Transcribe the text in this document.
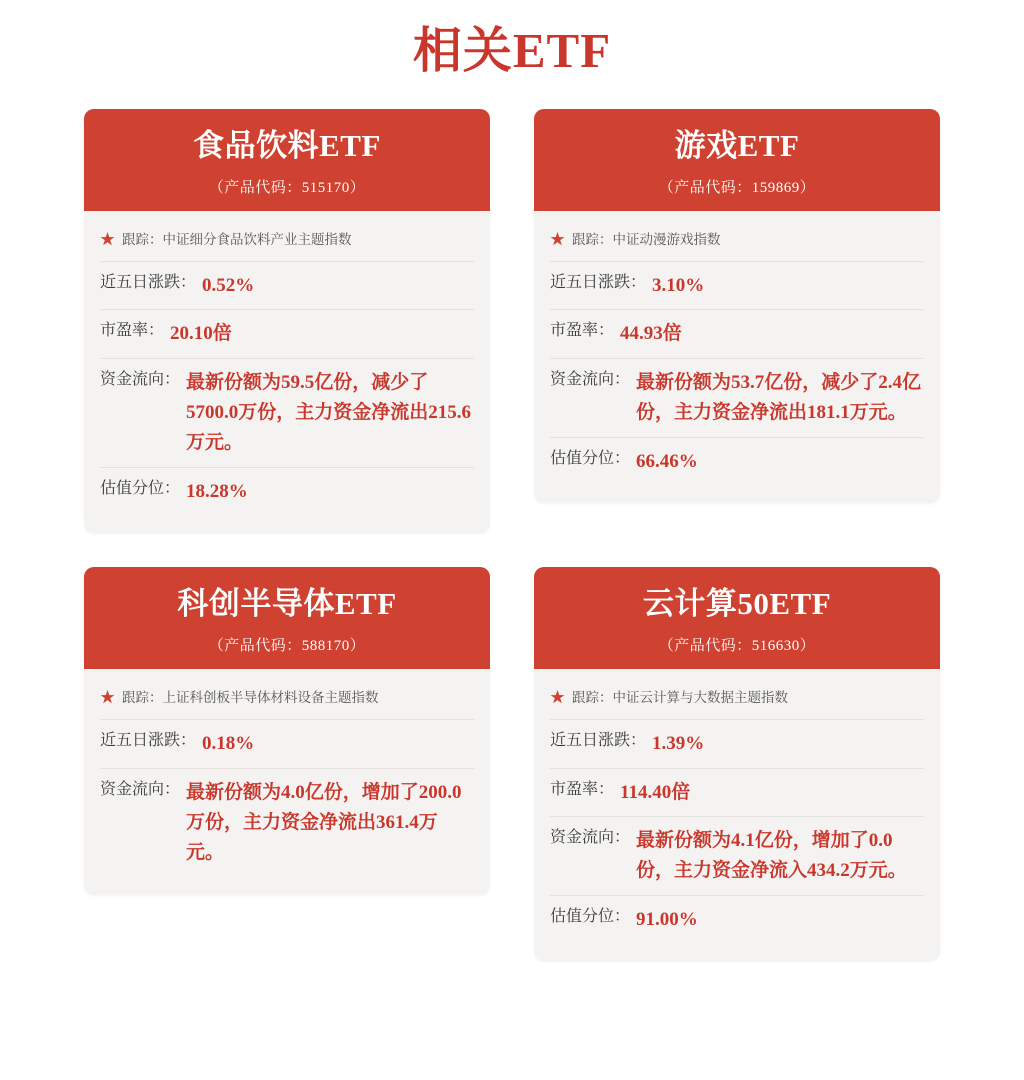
相关ETF
食品饮料ETF
（产品代码：515170）
★ 跟踪：中证细分食品饮料产业主题指数
近五日涨跌： 0.52%
市盈率： 20.10倍
资金流向： 最新份额为59.5亿份，减少了5700.0万份，主力资金净流出215.6万元。
估值分位： 18.28%
游戏ETF
（产品代码：159869）
★ 跟踪：中证动漫游戏指数
近五日涨跌： 3.10%
市盈率： 44.93倍
资金流向： 最新份额为53.7亿份，减少了2.4亿份，主力资金净流出181.1万元。
估值分位： 66.46%
科创半导体ETF
（产品代码：588170）
★ 跟踪：上证科创板半导体材料设备主题指数
近五日涨跌： 0.18%
资金流向： 最新份额为4.0亿份，增加了200.0万份，主力资金净流出361.4万元。
云计算50ETF
（产品代码：516630）
★ 跟踪：中证云计算与大数据主题指数
近五日涨跌： 1.39%
市盈率： 114.40倍
资金流向： 最新份额为4.1亿份，增加了0.0份，主力资金净流入434.2万元。
估值分位： 91.00%
